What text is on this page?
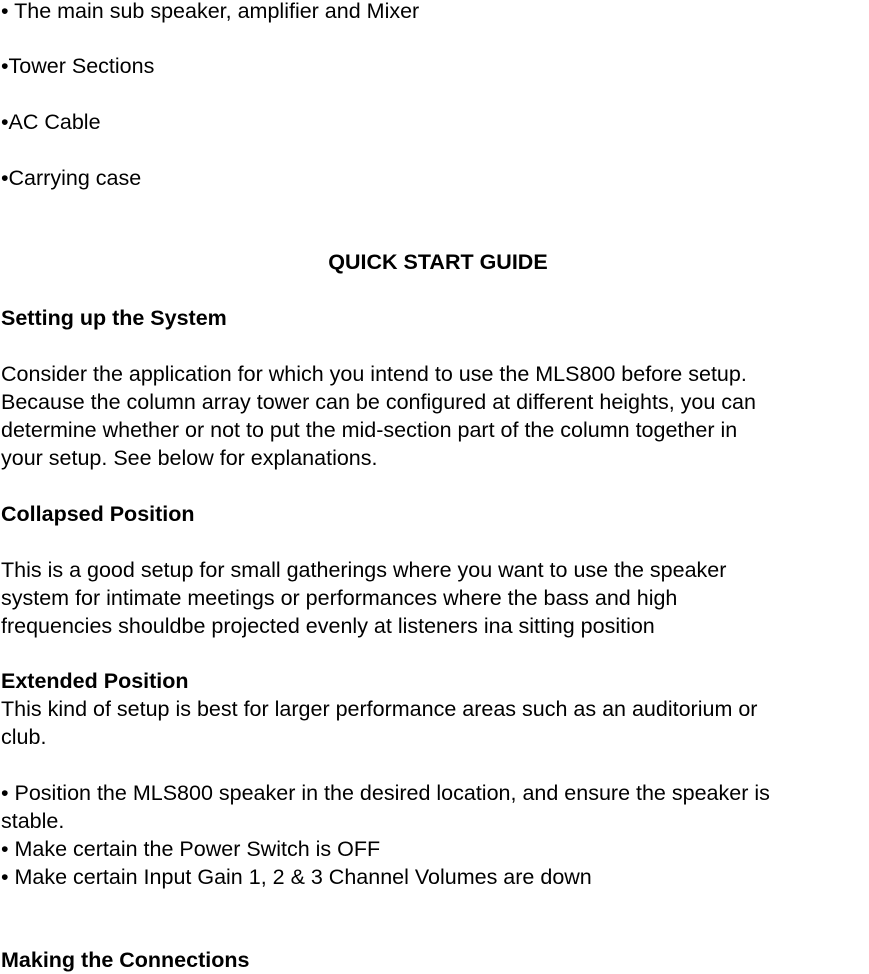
• The main sub speaker, amplifier and Mixer
•Tower Sections
•AC Cable
•Carrying case
QUICK START GUIDE
Setting up the System

Consider the application for which you intend to use the MLS800 before setup.

Because the column array tower can be configured at different heights, you can

determine whether or not to put the mid-section part of the column together in

your setup. See below for explanations.

Collapsed Position

This is a good setup for small gatherings where you want to use the speaker

system for intimate meetings or performances where the bass and high

frequencies shouldbe projected evenly at listeners ina sitting position

Extended Position

This kind of setup is best for larger performance areas such as an auditorium or

club.

• Position the MLS800 speaker in the desired location, and ensure the speaker is

stable.

• Make certain the Power Switch is OFF

• Make certain Input Gain 1, 2 & 3 Channel Volumes are down

Making the Connections
